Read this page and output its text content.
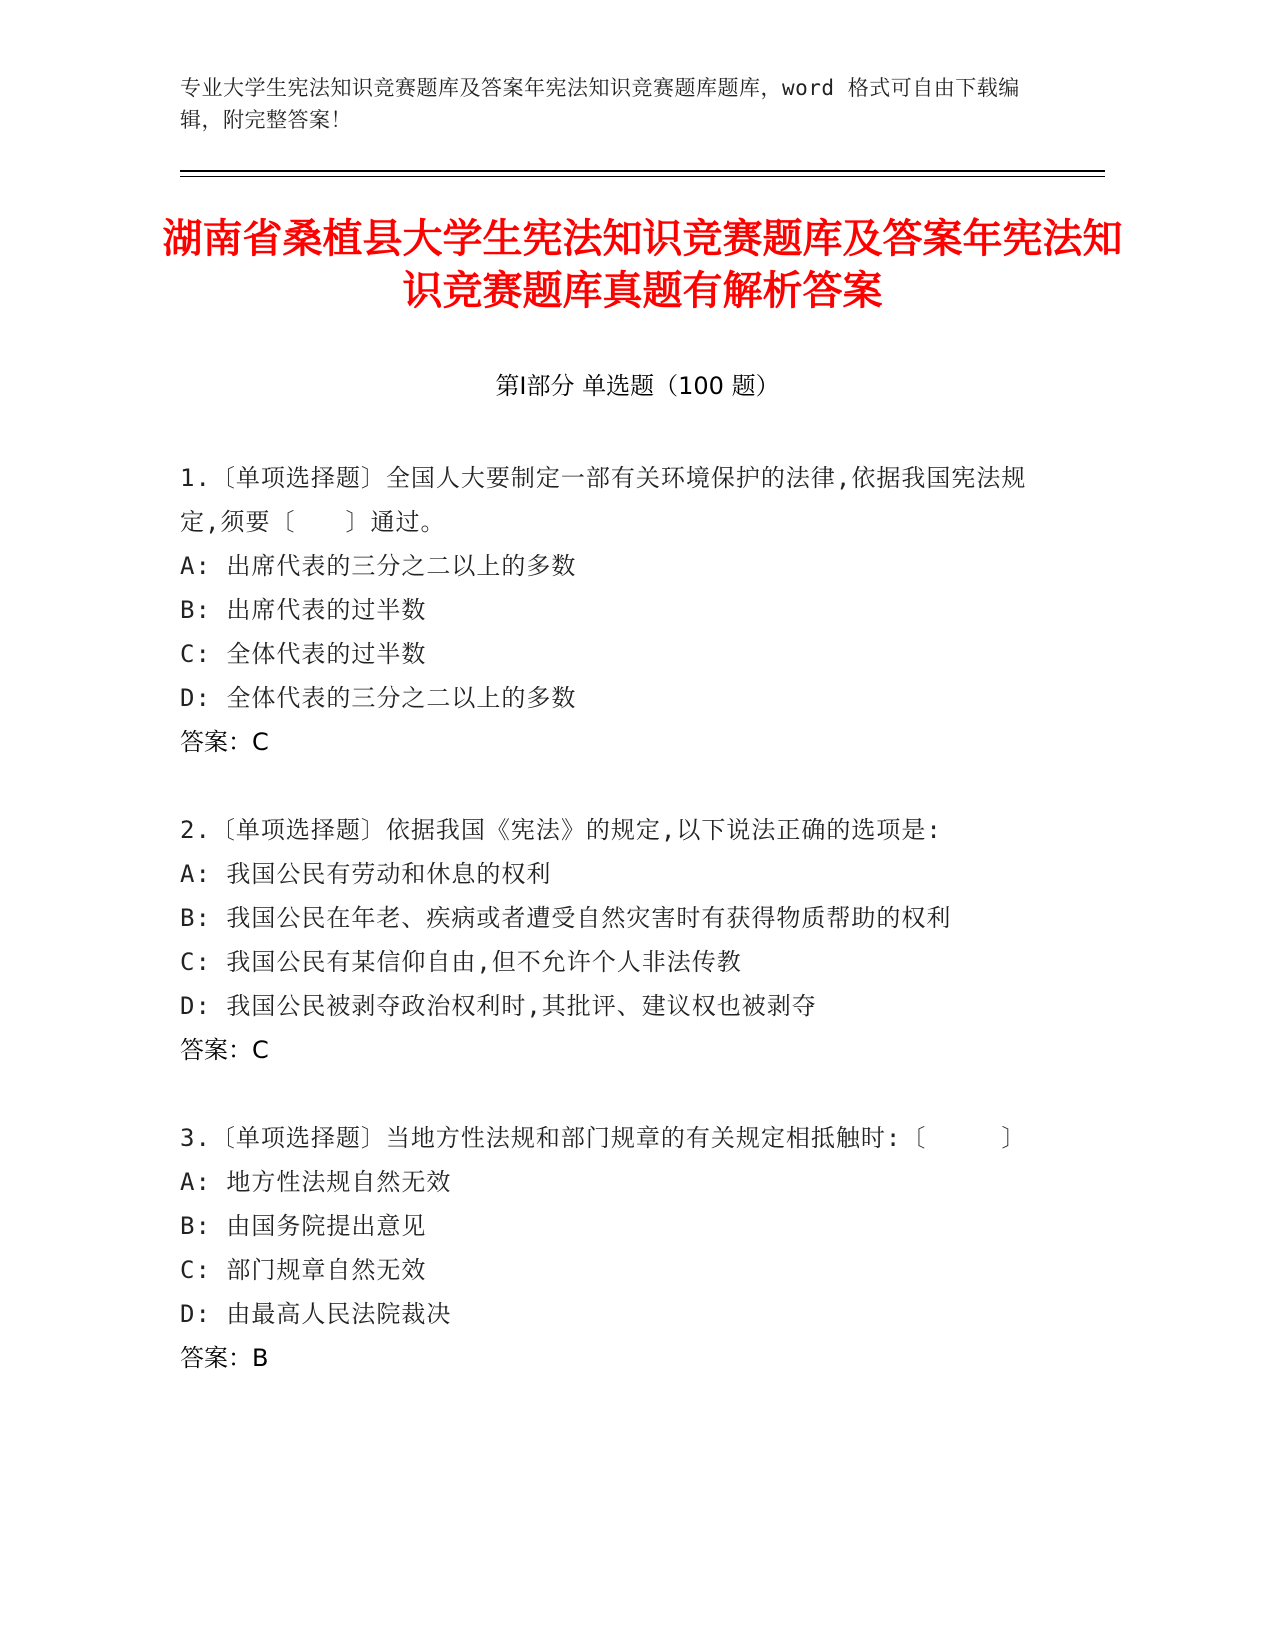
专业大学生宪法知识竞赛题库及答案年宪法知识竞赛题库题库，word 格式可自由下载编辑，附完整答案！
湖南省桑植县大学生宪法知识竞赛题库及答案年宪法知识竞赛题库真题有解析答案
第Ⅰ部分 单选题（100 题）
1.〔单项选择题〕全国人大要制定一部有关环境保护的法律,依据我国宪法规定,须要〔　　〕通过。
A: 出席代表的三分之二以上的多数
B: 出席代表的过半数
C: 全体代表的过半数
D: 全体代表的三分之二以上的多数
答案：C
2.〔单项选择题〕依据我国《宪法》的规定,以下说法正确的选项是:
A: 我国公民有劳动和休息的权利
B: 我国公民在年老、疾病或者遭受自然灾害时有获得物质帮助的权利
C: 我国公民有某信仰自由,但不允许个人非法传教
D: 我国公民被剥夺政治权利时,其批评、建议权也被剥夺
答案：C
3.〔单项选择题〕当地方性法规和部门规章的有关规定相抵触时:〔　　　〕
A: 地方性法规自然无效
B: 由国务院提出意见
C: 部门规章自然无效
D: 由最高人民法院裁决
答案：B
